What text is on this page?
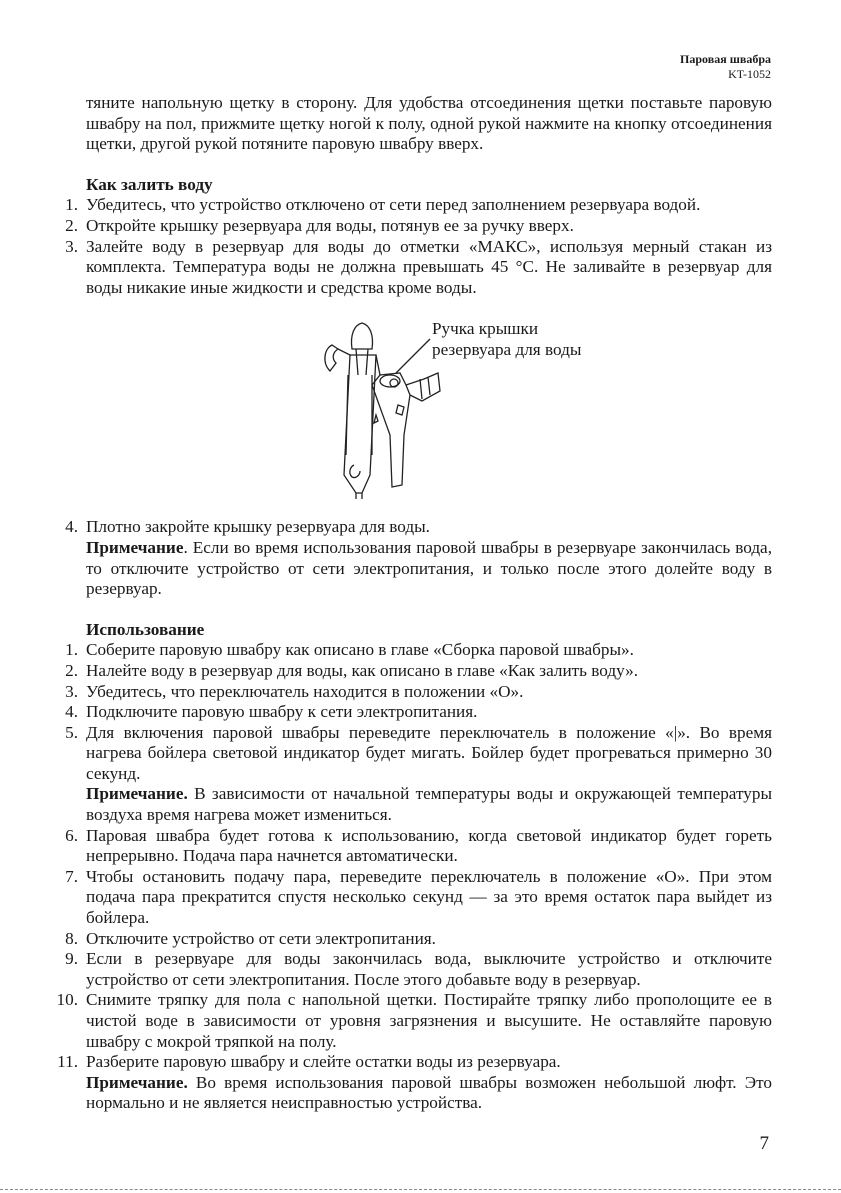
Паровая швабра
KT-1052
тяните напольную щетку в сторону. Для удобства отсоединения щетки поставьте паровую швабру на пол, прижмите щетку ногой к полу, одной рукой нажмите на кнопку отсоединения щетки, другой рукой потяните паровую швабру вверх.
Как залить воду
1. Убедитесь, что устройство отключено от сети перед заполнением резервуара водой.
2. Откройте крышку резервуара для воды, потянув ее за ручку вверх.
3. Залейте воду в резервуар для воды до отметки «МАКС», используя мерный стакан из комплекта. Температура воды не должна превышать 45 °С. Не заливайте в резервуар для воды никакие иные жидкости и средства кроме воды.
Ручка крышки
резервуара для воды
4. Плотно закройте крышку резервуара для воды.
Примечание. Если во время использования паровой швабры в резервуаре закончилась вода, то отключите устройство от сети электропитания, и только после этого долейте воду в резервуар.
Использование
1. Соберите паровую швабру как описано в главе «Сборка паровой швабры».
2. Налейте воду в резервуар для воды, как описано в главе «Как залить воду».
3. Убедитесь, что переключатель находится в положении «О».
4. Подключите паровую швабру к сети электропитания.
5. Для включения паровой швабры переведите переключатель в положение «|». Во время нагрева бойлера световой индикатор будет мигать. Бойлер будет прогреваться примерно 30 секунд.
Примечание. В зависимости от начальной температуры воды и окружающей температуры воздуха время нагрева может измениться.
6. Паровая швабра будет готова к использованию, когда световой индикатор будет гореть непрерывно. Подача пара начнется автоматически.
7. Чтобы остановить подачу пара, переведите переключатель в положение «О». При этом подача пара прекратится спустя несколько секунд — за это время остаток пара выйдет из бойлера.
8. Отключите устройство от сети электропитания.
9. Если в резервуаре для воды закончилась вода, выключите устройство и отключите устройство от сети электропитания. После этого добавьте воду в резервуар.
10. Снимите тряпку для пола с напольной щетки. Постирайте тряпку либо прополощите ее в чистой воде в зависимости от уровня загрязнения и высушите. Не оставляйте паровую швабру с мокрой тряпкой на полу.
11. Разберите паровую швабру и слейте остатки воды из резервуара.
Примечание. Во время использования паровой швабры возможен небольшой люфт. Это нормально и не является неисправностью устройства.
7
